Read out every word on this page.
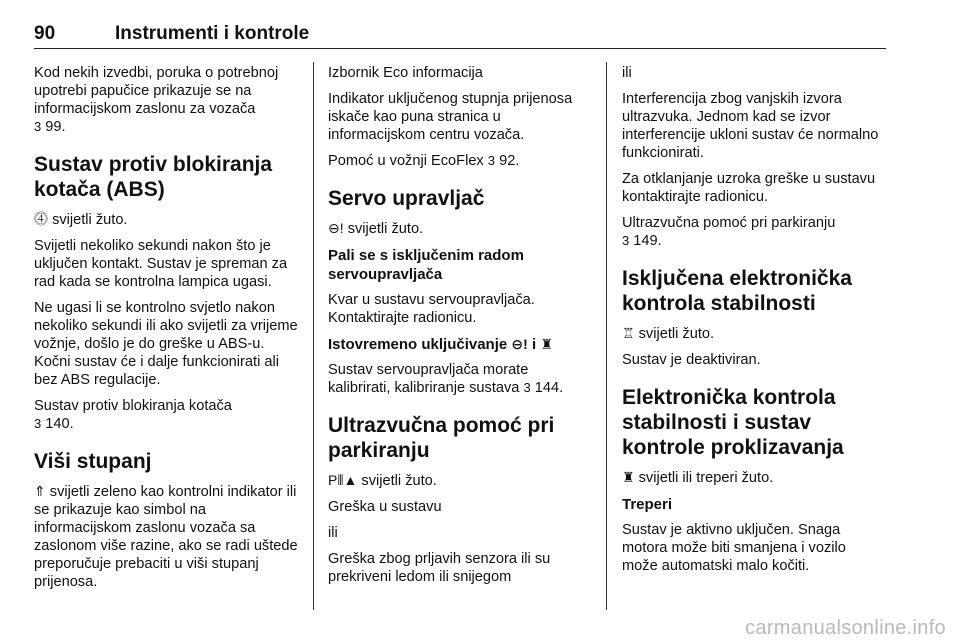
90	Instrumenti i kontrole

Kod nekih izvedbi, poruka o potrebnoj upotrebi papučice prikazuje se na informacijskom zaslonu za vozača
3 99.

Sustav protiv blokiranja kotača (ABS)

⓸ svijetli žuto.

Svijetli nekoliko sekundi nakon što je uključen kontakt. Sustav je spreman za rad kada se kontrolna lampica ugasi.

Ne ugasi li se kontrolno svjetlo nakon nekoliko sekundi ili ako svijetli za vrijeme vožnje, došlo je do greške u ABS-u. Kočni sustav će i dalje funkcionirati ali bez ABS regulacije.

Sustav protiv blokiranja kotača
3 140.

Viši stupanj

⇑ svijetli zeleno kao kontrolni indikator ili se prikazuje kao simbol na informacijskom zaslonu vozača sa zaslonom više razine, ako se radi uštede preporučuje prebaciti u viši stupanj prijenosa.

Izbornik Eco informacija

Indikator uključenog stupnja prijenosa iskače kao puna stranica u informacijskom centru vozača.

Pomoć u vožnji EcoFlex 3 92.

Servo upravljač

⊖! svijetli žuto.

Pali se s isključenim radom servoupravljača

Kvar u sustavu servoupravljača. Kontaktirajte radionicu.

Istovremeno uključivanje ⊖! i ♜

Sustav servoupravljača morate kalibrirati, kalibriranje sustava 3 144.

Ultrazvučna pomoć pri parkiranju

P⦀▲ svijetli žuto.

Greška u sustavu

ili

Greška zbog prljavih senzora ili su prekriveni ledom ili snijegom

ili

Interferencija zbog vanjskih izvora ultrazvuka. Jednom kad se izvor interferencije ukloni sustav će normalno funkcionirati.

Za otklanjanje uzroka greške u sustavu kontaktirajte radionicu.

Ultrazvučna pomoć pri parkiranju
3 149.

Isključena elektronička kontrola stabilnosti

♖ svijetli žuto.

Sustav je deaktiviran.

Elektronička kontrola stabilnosti i sustav kontrole proklizavanja

♜ svijetli ili treperi žuto.

Treperi

Sustav je aktivno uključen. Snaga motora može biti smanjena i vozilo može automatski malo kočiti.

carmanualsonline.info
